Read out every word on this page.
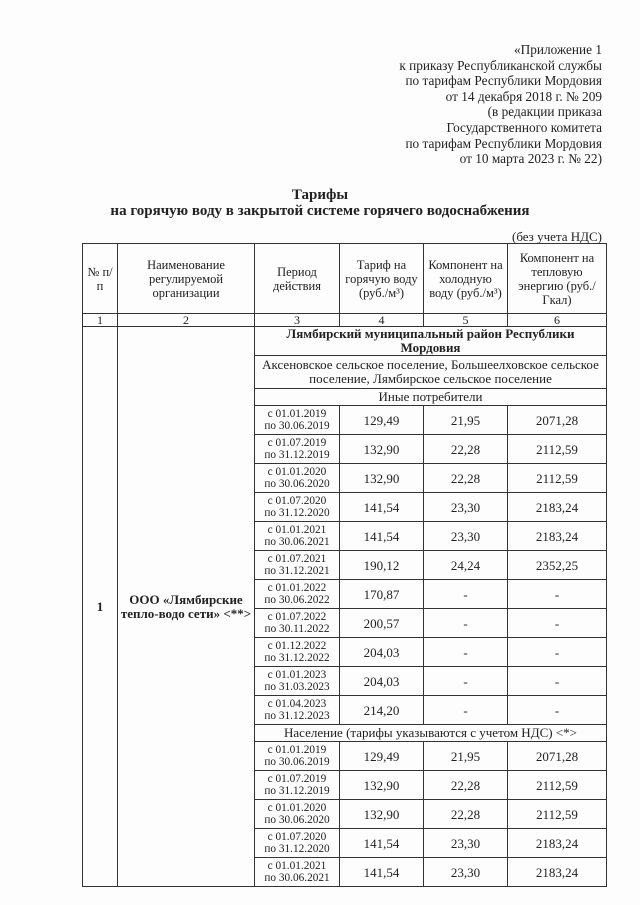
«Приложение 1
к приказу Республиканской службы
по тарифам Республики Мордовия
от 14 декабря 2018 г. № 209
(в редакции приказа
Государственного комитета
по тарифам Республики Мордовия
от 10 марта 2023 г. № 22)
Тарифы
на горячую воду в закрытой системе горячего водоснабжения
(без учета НДС)
№ п/п	Наименование регулируемой организации	Период действия	Тариф на горячую воду (руб./м³)	Компонент на холодную воду (руб./м³)	Компонент на тепловую энергию (руб./Гкал)
1	2	3	4	5	6
1	ООО «Лямбирские тепло-водо сети» <**>	Лямбирский муниципальный район Республики Мордовия			
		Аксеновское сельское поселение, Большеелховское сельское поселение, Лямбирское сельское поселение			
		Иные потребители			

		с 01.01.2019
по 30.06.2019	129,49	21,95	2071,28

		с 01.07.2019
по 31.12.2019	132,90	22,28	2112,59

		с 01.01.2020
по 30.06.2020	132,90	22,28	2112,59

		с 01.07.2020
по 31.12.2020	141,54	23,30	2183,24

		с 01.01.2021
по 30.06.2021	141,54	23,30	2183,24

		с 01.07.2021
по 31.12.2021	190,12	24,24	2352,25

		с 01.01.2022
по 30.06.2022	170,87	-	-

		с 01.07.2022
по 30.11.2022	200,57	-	-

		с 01.12.2022
по 31.12.2022	204,03	-	-

		с 01.01.2023
по 31.03.2023	204,03	-	-

		с 01.04.2023
по 31.12.2023	214,20	-	-
		Население (тарифы указываются с учетом НДС) <*>			

		с 01.01.2019
по 30.06.2019	129,49	21,95	2071,28

		с 01.07.2019
по 31.12.2019	132,90	22,28	2112,59

		с 01.01.2020
по 30.06.2020	132,90	22,28	2112,59

		с 01.07.2020
по 31.12.2020	141,54	23,30	2183,24

		с 01.01.2021
по 30.06.2021	141,54	23,30	2183,24
